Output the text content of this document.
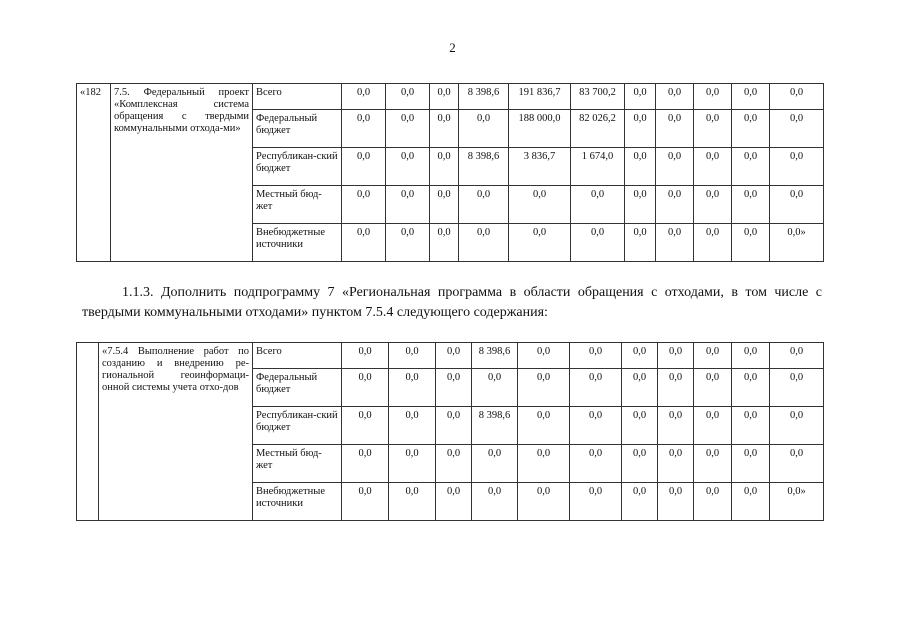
2
«182	7.5. Федеральный проект «Комплексная система обращения с твердыми коммунальными отхода-ми»	Всего	0,0	0,0	0,0	8 398,6	191 836,7	83 700,2	0,0	0,0	0,0	0,0	0,0
		Федеральный бюджет	0,0	0,0	0,0	0,0	188 000,0	82 026,2	0,0	0,0	0,0	0,0	0,0
		Республикан-ский бюджет	0,0	0,0	0,0	8 398,6	3 836,7	1 674,0	0,0	0,0	0,0	0,0	0,0
		Местный бюд-жет	0,0	0,0	0,0	0,0	0,0	0,0	0,0	0,0	0,0	0,0	0,0
		Внебюджетные источники	0,0	0,0	0,0	0,0	0,0	0,0	0,0	0,0	0,0	0,0	0,0»
1.1.3. Дополнить подпрограмму 7 «Региональная программа в области обращения с отходами, в том числе с твердыми коммунальными отходами» пунктом 7.5.4 следующего содержания:
	«7.5.4 Выполнение работ по созданию и внедрению ре-гиональной геоинформаци-онной системы учета отхо-дов	Всего	0,0	0,0	0,0	8 398,6	0,0	0,0	0,0	0,0	0,0	0,0	0,0
		Федеральный бюджет	0,0	0,0	0,0	0,0	0,0	0,0	0,0	0,0	0,0	0,0	0,0
		Республикан-ский бюджет	0,0	0,0	0,0	8 398,6	0,0	0,0	0,0	0,0	0,0	0,0	0,0
		Местный бюд-жет	0,0	0,0	0,0	0,0	0,0	0,0	0,0	0,0	0,0	0,0	0,0
		Внебюджетные источники	0,0	0,0	0,0	0,0	0,0	0,0	0,0	0,0	0,0	0,0	0,0»
